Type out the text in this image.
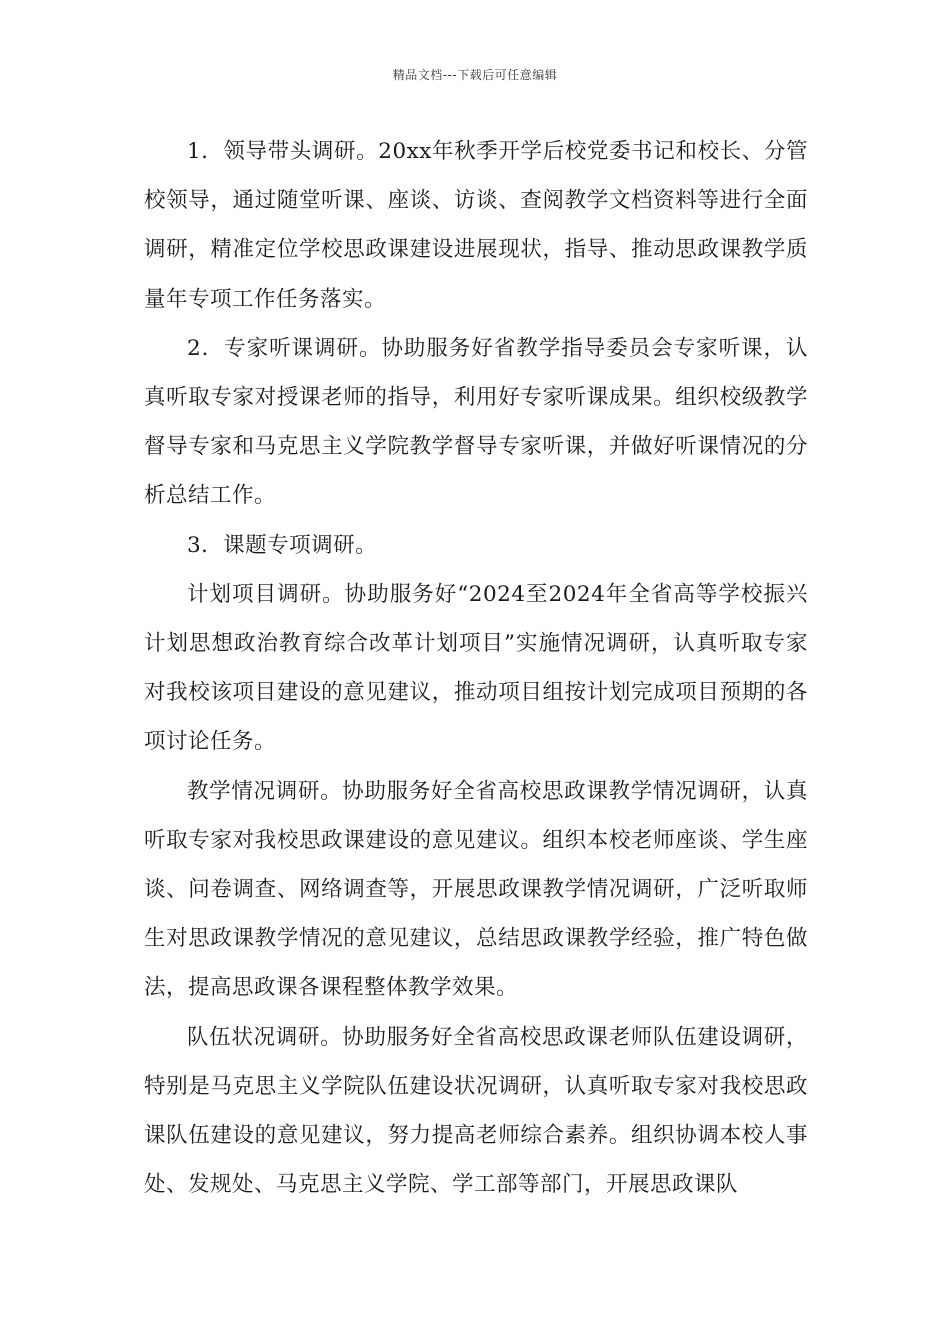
精品文档---下载后可任意编辑

1．领导带头调研。20xx年秋季开学后校党委书记和校长、分管校领导，通过随堂听课、座谈、访谈、查阅教学文档资料等进行全面调研，精准定位学校思政课建设进展现状，指导、推动思政课教学质量年专项工作任务落实。

2．专家听课调研。协助服务好省教学指导委员会专家听课，认真听取专家对授课老师的指导，利用好专家听课成果。组织校级教学督导专家和马克思主义学院教学督导专家听课，并做好听课情况的分析总结工作。

3．课题专项调研。

计划项目调研。协助服务好“2024至2024年全省高等学校振兴计划思想政治教育综合改革计划项目”实施情况调研，认真听取专家对我校该项目建设的意见建议，推动项目组按计划完成项目预期的各项讨论任务。

教学情况调研。协助服务好全省高校思政课教学情况调研，认真听取专家对我校思政课建设的意见建议。组织本校老师座谈、学生座谈、问卷调查、网络调查等，开展思政课教学情况调研，广泛听取师生对思政课教学情况的意见建议，总结思政课教学经验，推广特色做法，提高思政课各课程整体教学效果。

队伍状况调研。协助服务好全省高校思政课老师队伍建设调研，特别是马克思主义学院队伍建设状况调研，认真听取专家对我校思政课队伍建设的意见建议，努力提高老师综合素养。组织协调本校人事处、发规处、马克思主义学院、学工部等部门，开展思政课队
